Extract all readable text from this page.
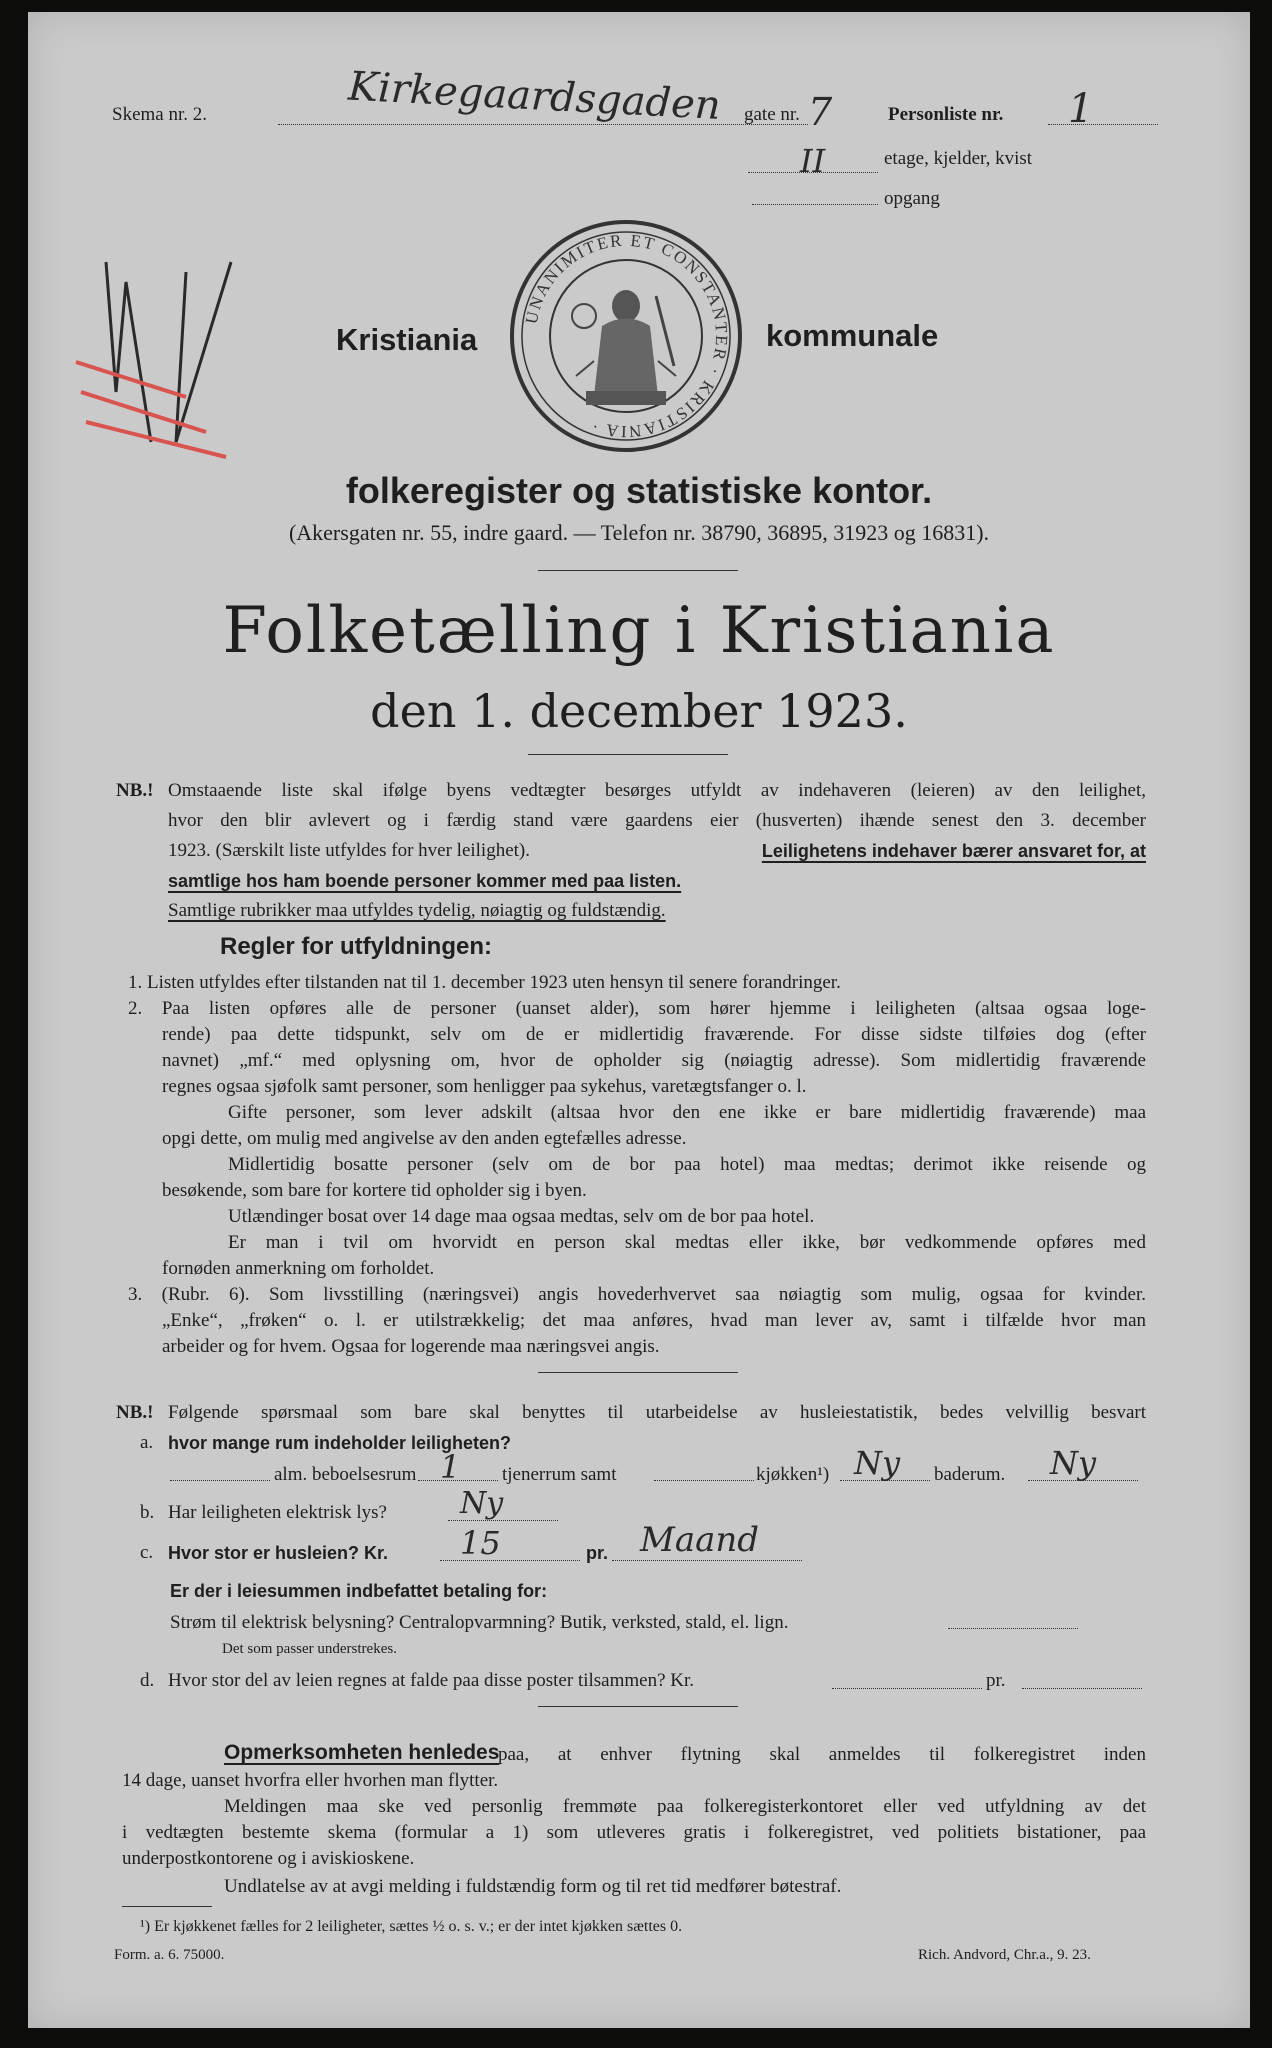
Skema nr. 2.	Kirkegaardsgaden	gate nr. 7	Personliste nr. 1
II	etage, kjelder, kvist
opgang
Kristiania
UNANIMITER ET CONSTANTER · KRISTIANIA ·
kommunale
folkeregister og statistiske kontor.
(Akersgaten nr. 55, indre gaard. — Telefon nr. 38790, 36895, 31923 og 16831).
Folketælling i Kristiania
den 1. december 1923.
NB.! Omstaaende liste skal ifølge byens vedtægter besørges utfyldt av indehaveren (leieren) av den leilighet,
hvor den blir avlevert og i færdig stand være gaardens eier (husverten) ihænde senest den 3. december
1923. (Særskilt liste utfyldes for hver leilighet).	Leilighetens indehaver bærer ansvaret for, at
samtlige hos ham boende personer kommer med paa listen.
Samtlige rubrikker maa utfyldes tydelig, nøiagtig og fuldstændig.
Regler for utfyldningen:
1. Listen utfyldes efter tilstanden nat til 1. december 1923 uten hensyn til senere forandringer.
2. Paa listen opføres alle de personer (uanset alder), som hører hjemme i leiligheten (altsaa ogsaa loge-
rende) paa dette tidspunkt, selv om de er midlertidig fraværende. For disse sidste tilføies dog (efter
navnet) „mf.“ med oplysning om, hvor de opholder sig (nøiagtig adresse). Som midlertidig fraværende
regnes ogsaa sjøfolk samt personer, som henligger paa sykehus, varetægtsfanger o. l.
Gifte personer, som lever adskilt (altsaa hvor den ene ikke er bare midlertidig fraværende) maa
opgi dette, om mulig med angivelse av den anden egtefælles adresse.
Midlertidig bosatte personer (selv om de bor paa hotel) maa medtas; derimot ikke reisende og
besøkende, som bare for kortere tid opholder sig i byen.
Utlændinger bosat over 14 dage maa ogsaa medtas, selv om de bor paa hotel.
Er man i tvil om hvorvidt en person skal medtas eller ikke, bør vedkommende opføres med
fornøden anmerkning om forholdet.
3. (Rubr. 6). Som livsstilling (næringsvei) angis hovederhvervet saa nøiagtig som mulig, ogsaa for kvinder.
„Enke“, „frøken“ o. l. er utilstrækkelig; det maa anføres, hvad man lever av, samt i tilfælde hvor man
arbeider og for hvem. Ogsaa for logerende maa næringsvei angis.
NB.! Følgende spørsmaal som bare skal benyttes til utarbeidelse av husleiestatistik, bedes velvillig besvart
a. hvor mange rum indeholder leiligheten?
alm. beboelsesrum 1 tjenerrum samt	kjøkken¹) Ny baderum. Ny
b. Har leiligheten elektrisk lys? Ny
c. Hvor stor er husleien? Kr. 15	pr. Maand
Er der i leiesummen indbefattet betaling for:
Strøm til elektrisk belysning? Centralopvarmning? Butik, verksted, stald, el. lign.
Det som passer understrekes.
d. Hvor stor del av leien regnes at falde paa disse poster tilsammen? Kr.	pr.
Opmerksomheten henledes
paa, at enhver flytning skal anmeldes til folkeregistret inden
14 dage, uanset hvorfra eller hvorhen man flytter.
Meldingen maa ske ved personlig fremmøte paa folkeregisterkontoret eller ved utfyldning av det
i vedtægten bestemte skema (formular a 1) som utleveres gratis i folkeregistret, ved politiets bistationer, paa
underpostkontorene og i aviskioskene.
Undlatelse av at avgi melding i fuldstændig form og til ret tid medfører bøtestraf.
¹) Er kjøkkenet fælles for 2 leiligheter, sættes ½ o. s. v.; er der intet kjøkken sættes 0.
Form. a. 6. 75000.	Rich. Andvord, Chr.a., 9. 23.
